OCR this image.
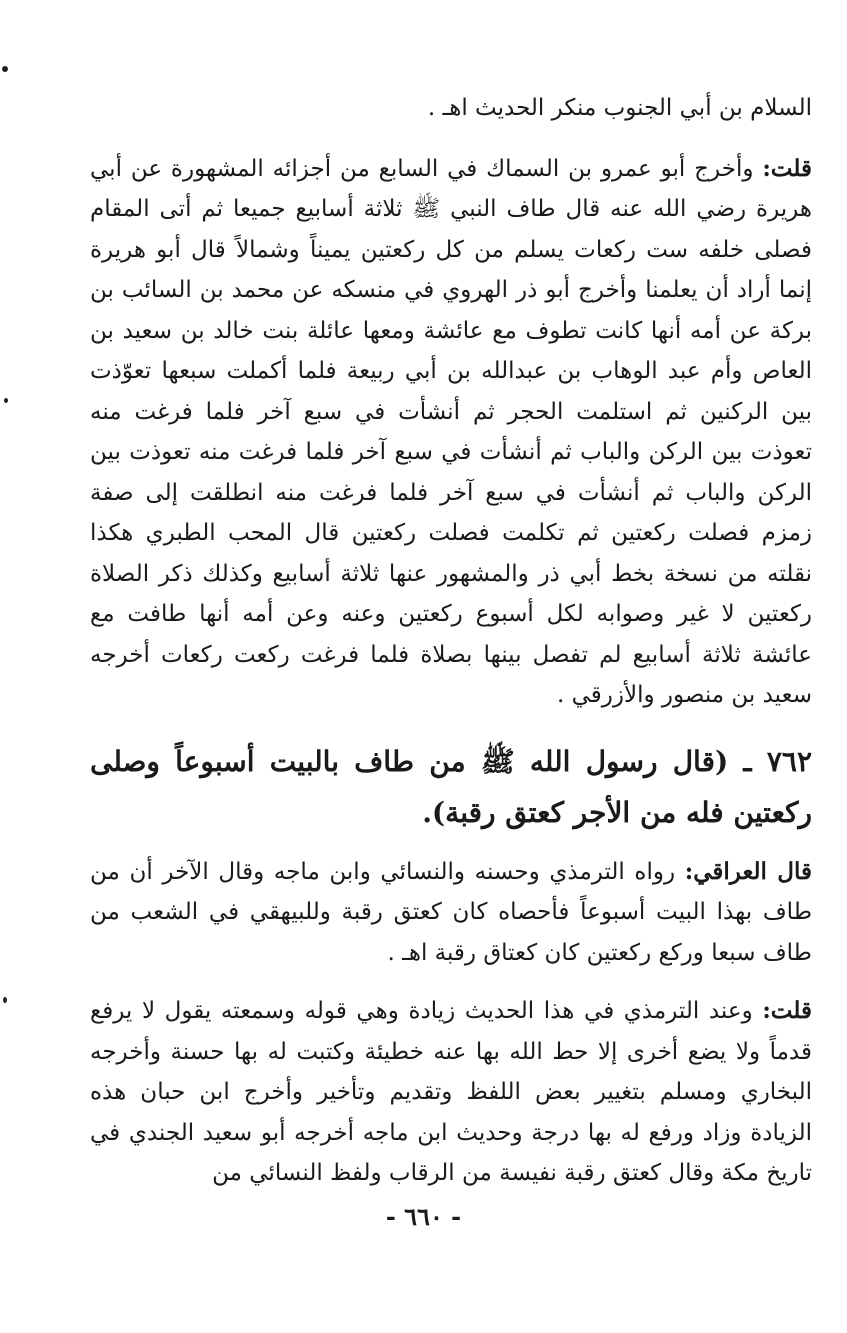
السلام بن أبي الجنوب منكر الحديث اهـ .

قلت: وأخرج أبو عمرو بن السماك في السابع من أجزائه المشهورة عن أبي هريرة رضي الله عنه قال طاف النبي ﷺ ثلاثة أسابيع جميعا ثم أتى المقام فصلى خلفه ست ركعات يسلم من كل ركعتين يميناً وشمالاً قال أبو هريرة إنما أراد أن يعلمنا وأخرج أبو ذر الهروي في منسكه عن محمد بن السائب بن بركة عن أمه أنها كانت تطوف مع عائشة ومعها عائلة بنت خالد بن سعيد بن العاص وأم عبد الوهاب بن عبدالله بن أبي ربيعة فلما أكملت سبعها تعوّذت بين الركنين ثم استلمت الحجر ثم أنشأت في سبع آخر فلما فرغت منه تعوذت بين الركن والباب ثم أنشأت في سبع آخر فلما فرغت منه تعوذت بين الركن والباب ثم أنشأت في سبع آخر فلما فرغت منه انطلقت إلى صفة زمزم فصلت ركعتين ثم تكلمت فصلت ركعتين قال المحب الطبري هكذا نقلته من نسخة بخط أبي ذر والمشهور عنها ثلاثة أسابيع وكذلك ذكر الصلاة ركعتين لا غير وصوابه لكل أسبوع ركعتين وعنه وعن أمه أنها طافت مع عائشة ثلاثة أسابيع لم تفصل بينها بصلاة فلما فرغت ركعت ركعات أخرجه سعيد بن منصور والأزرقي .

٧٦٢ ـ (قال رسول الله ﷺ من طاف بالبيت أسبوعاً وصلى ركعتين فله من الأجر كعتق رقبة).

قال العراقي: رواه الترمذي وحسنه والنسائي وابن ماجه وقال الآخر أن من طاف بهذا البيت أسبوعاً فأحصاه كان كعتق رقبة وللبيهقي في الشعب من طاف سبعا وركع ركعتين كان كعتاق رقبة اهـ .

قلت: وعند الترمذي في هذا الحديث زيادة وهي قوله وسمعته يقول لا يرفع قدماً ولا يضع أخرى إلا حط الله بها عنه خطيئة وكتبت له بها حسنة وأخرجه البخاري ومسلم بتغيير بعض اللفظ وتقديم وتأخير وأخرج ابن حبان هذه الزيادة وزاد ورفع له بها درجة وحديث ابن ماجه أخرجه أبو سعيد الجندي في تاريخ مكة وقال كعتق رقبة نفيسة من الرقاب ولفظ النسائي من

- ٦٦٠ -
